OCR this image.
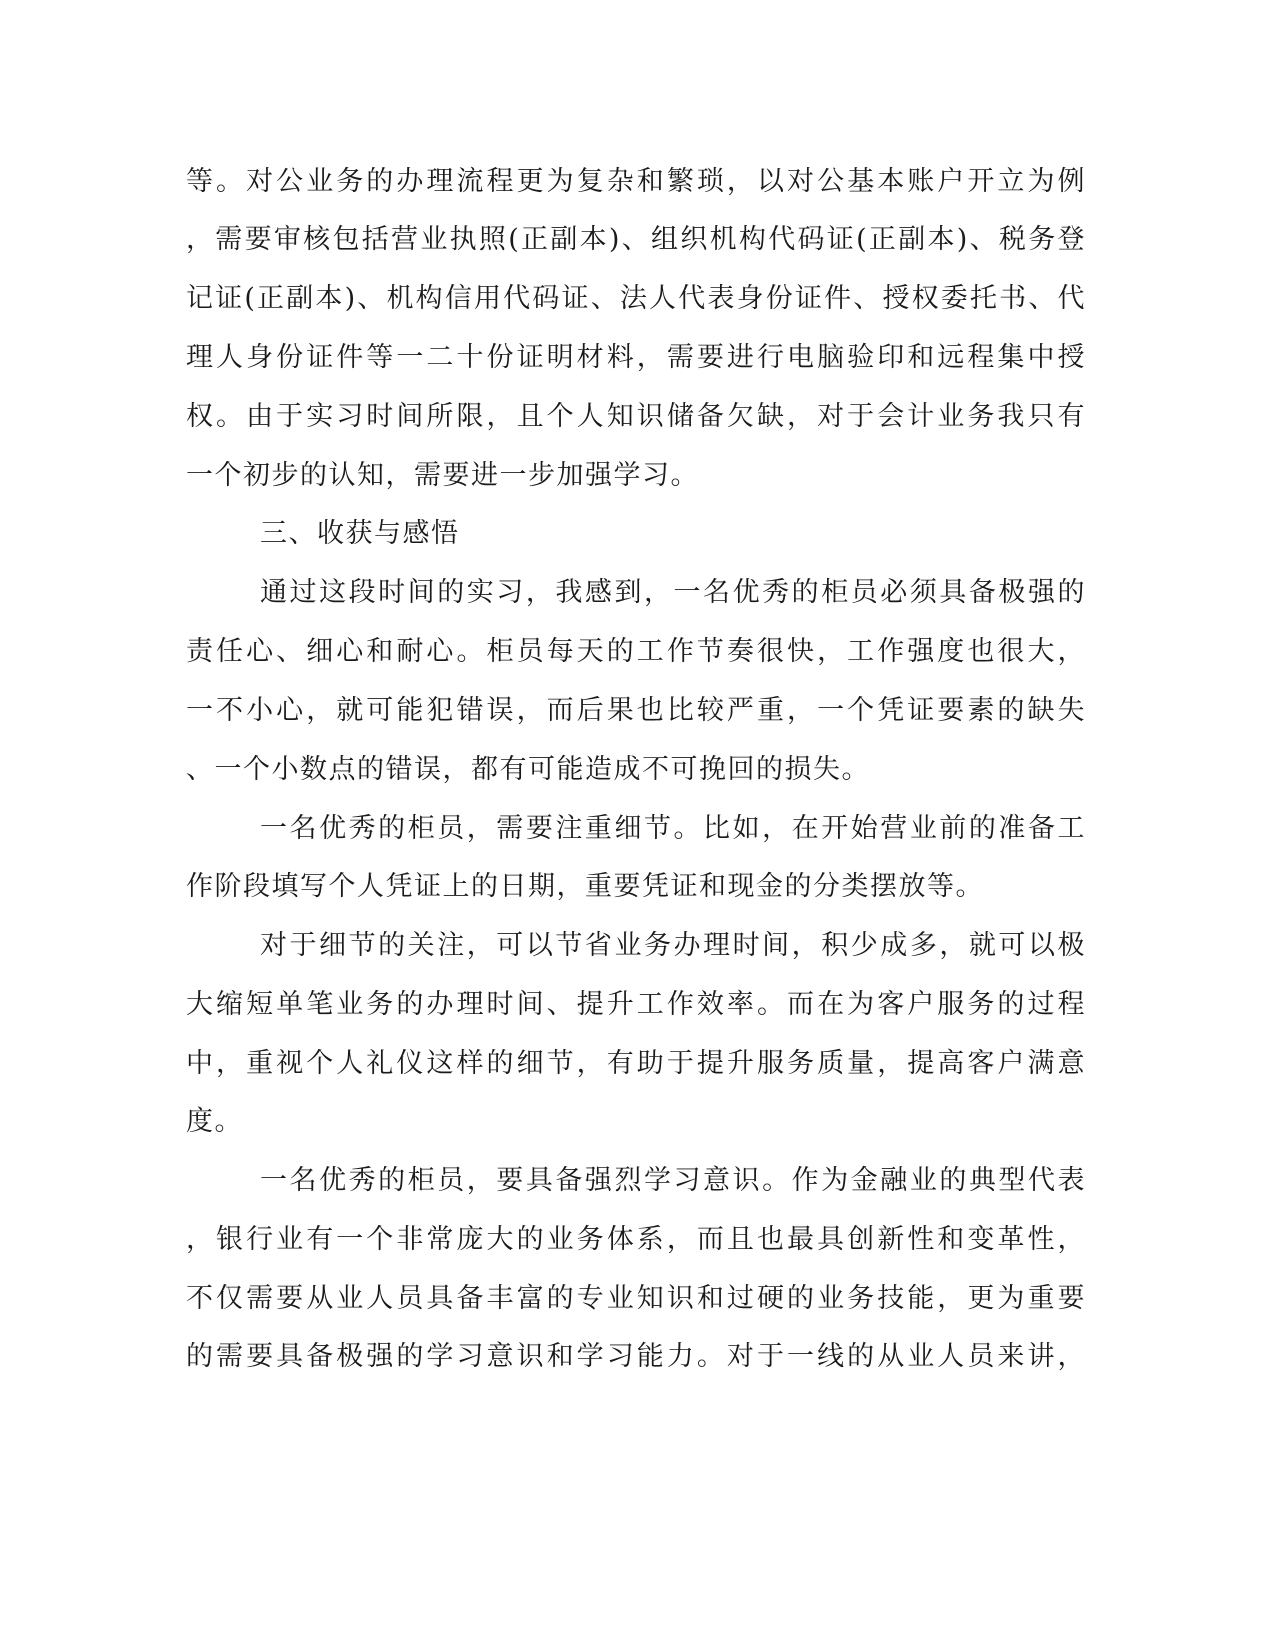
等。对公业务的办理流程更为复杂和繁琐，以对公基本账户开立为例
，需要审核包括营业执照(正副本)、组织机构代码证(正副本)、税务登
记证(正副本)、机构信用代码证、法人代表身份证件、授权委托书、代
理人身份证件等一二十份证明材料，需要进行电脑验印和远程集中授
权。由于实习时间所限，且个人知识储备欠缺，对于会计业务我只有
一个初步的认知，需要进一步加强学习。
三、收获与感悟
通过这段时间的实习，我感到，一名优秀的柜员必须具备极强的
责任心、细心和耐心。柜员每天的工作节奏很快，工作强度也很大，
一不小心，就可能犯错误，而后果也比较严重，一个凭证要素的缺失
、一个小数点的错误，都有可能造成不可挽回的损失。
一名优秀的柜员，需要注重细节。比如，在开始营业前的准备工
作阶段填写个人凭证上的日期，重要凭证和现金的分类摆放等。
对于细节的关注，可以节省业务办理时间，积少成多，就可以极
大缩短单笔业务的办理时间、提升工作效率。而在为客户服务的过程
中，重视个人礼仪这样的细节，有助于提升服务质量，提高客户满意
度。
一名优秀的柜员，要具备强烈学习意识。作为金融业的典型代表
，银行业有一个非常庞大的业务体系，而且也最具创新性和变革性，
不仅需要从业人员具备丰富的专业知识和过硬的业务技能，更为重要
的需要具备极强的学习意识和学习能力。对于一线的从业人员来讲，
